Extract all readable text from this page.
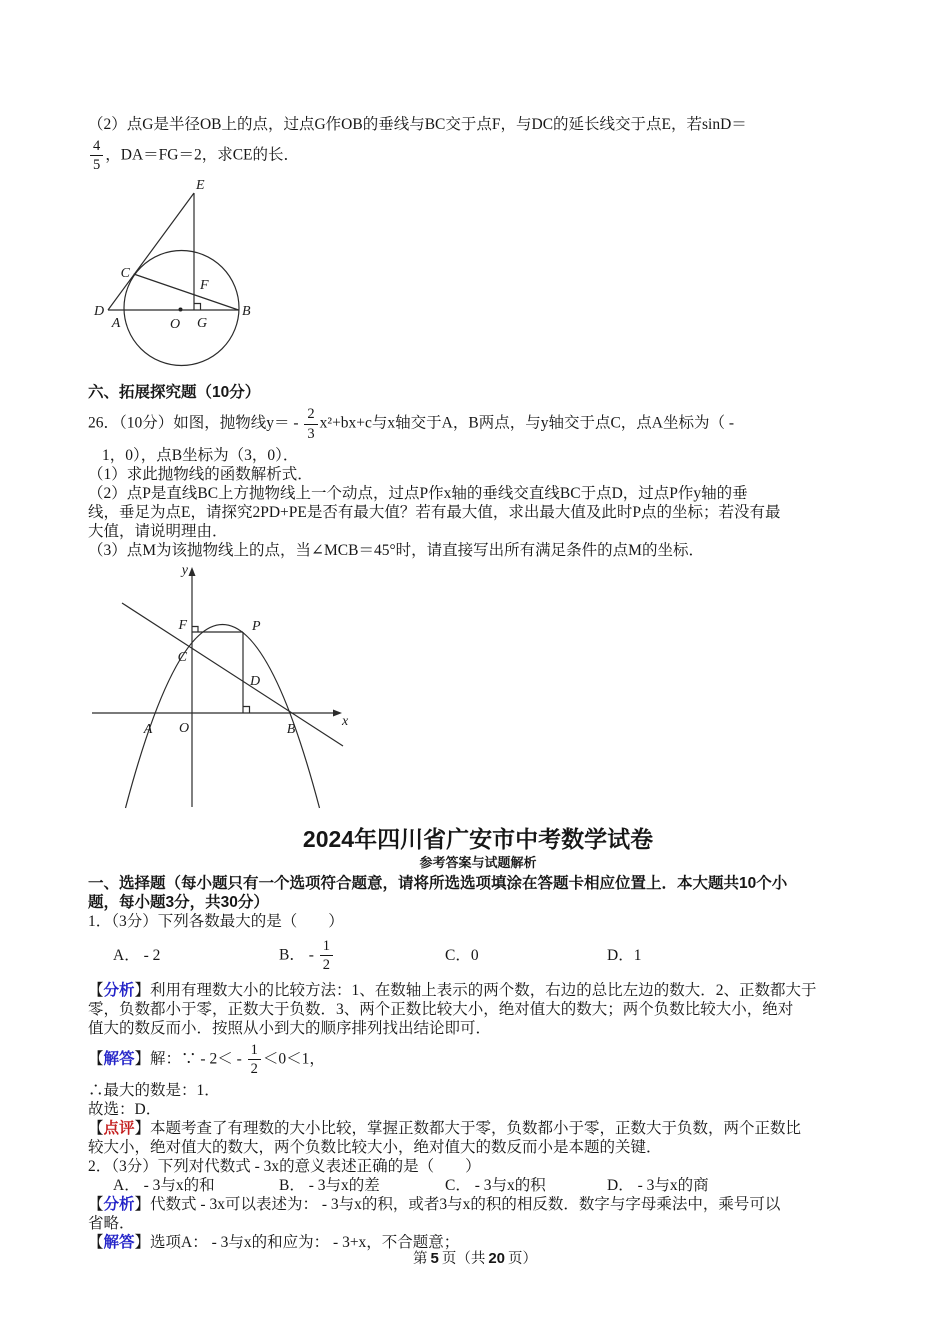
（2）点G是半径OB上的点，过点G作OB的垂线与BC交于点F，与DC的延长线交于点E，若sinD＝
$\frac{4}{5}$ ，DA＝FG＝2，求CE的长．
E
C
F
D
A	O G
B
六、拓展探究题（10分）
26．（10分）如图，抛物线$y= - \frac{2}{3} x^2+bx+c$与x轴交于A，B两点，与y轴交于点C，点A坐标为（ -
1，0），点B坐标为（3，0）．
（1）求此抛物线的函数解析式．
（2）点P是直线BC上方抛物线上一个动点，过点P作x轴的垂线交直线BC于点D，过点P作y轴的垂
线，垂足为点E，请探究2PD+PE是否有最大值？若有最大值，求出最大值及此时P点的坐标；若没有最
大值，请说明理由．
（3）点M为该抛物线上的点，当∠MCB＝45°时，请直接写出所有满足条件的点M的坐标．
y
x
F	P
C
D
A O	B
2024年四川省广安市中考数学试卷
参考答案与试题解析
一、选择题（每小题只有一个选项符合题意，请将所选选项填涂在答题卡相应位置上．本大题共10个小
题，每小题3分，共30分）
1．（3分）下列各数最大的是（　　）
A． - 2	B． - $\frac{1}{2}$	C．0	D．1
【分析】利用有理数大小的比较方法：1、在数轴上表示的两个数，右边的总比左边的数大．2、正数都大于
零，负数都小于零，正数大于负数．3、两个正数比较大小，绝对值大的数大；两个负数比较大小，绝对
值大的数反而小．按照从小到大的顺序排列找出结论即可．
【解答】解：∵ - $2< - \frac{1}{2} <0<1$，
∴最大的数是：1．
故选：D．
【点评】本题考查了有理数的大小比较，掌握正数都大于零，负数都小于零，正数大于负数，两个正数比
较大小，绝对值大的数大，两个负数比较大小，绝对值大的数反而小是本题的关键．
2．（3分）下列对代数式 - 3x的意义表述正确的是（　　）
A． - 3与x的和	B． - 3与x的差	C． - 3与x的积	D． - 3与x的商
【分析】代数式 - 3x可以表述为： - 3与x的积，或者3与x的积的相反数．数字与字母乘法中，乘号可以
省略．
【解答】选项A： - 3与x的和应为： - 3+x，不合题意；
第 5 页（共 20 页）
